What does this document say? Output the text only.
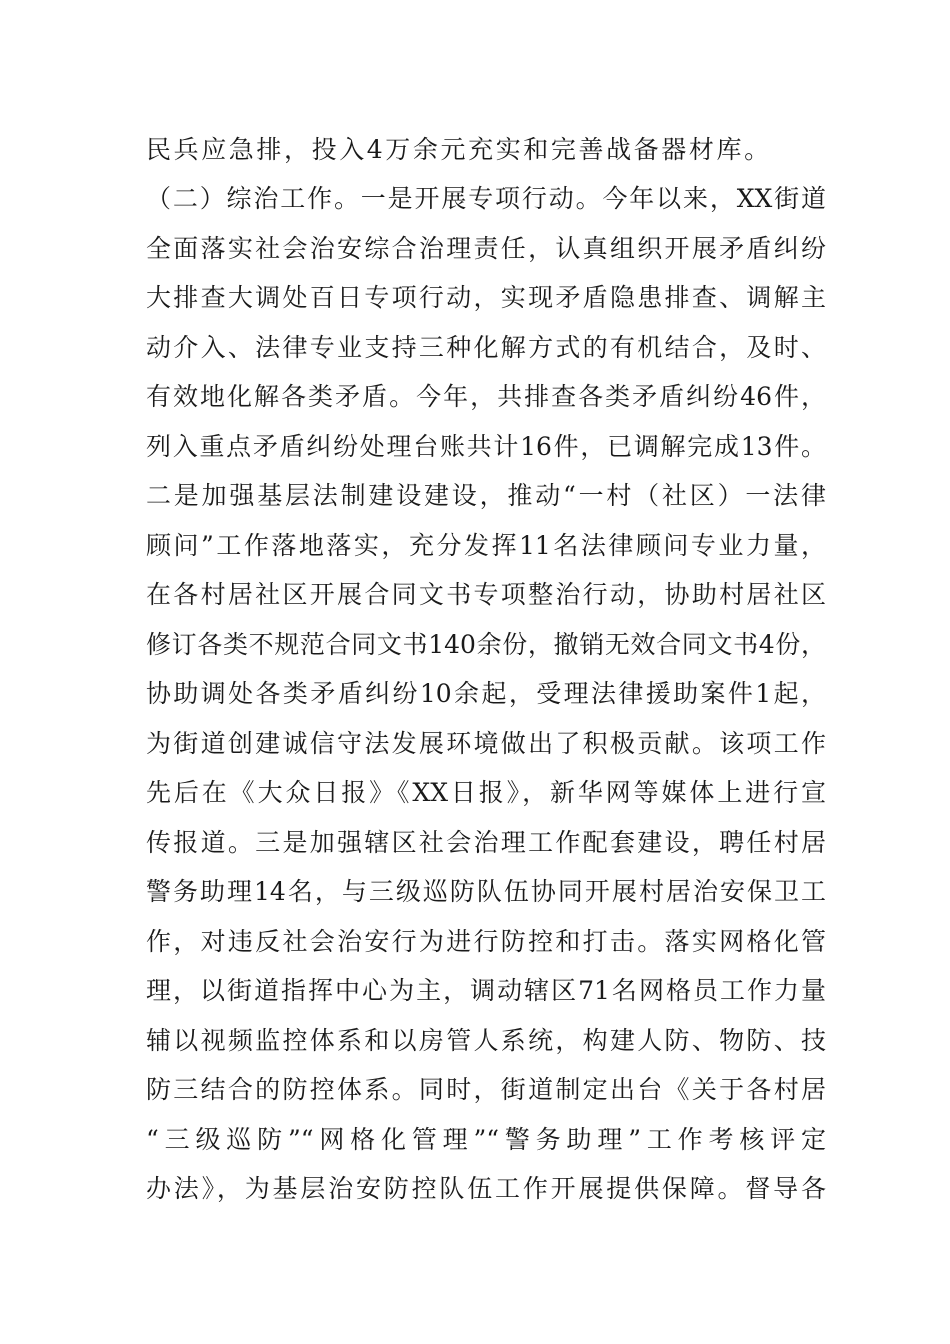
民兵应急排，投入4万余元充实和完善战备器材库。
（二）综治工作。一是开展专项行动。今年以来，XX街道
全面落实社会治安综合治理责任，认真组织开展矛盾纠纷
大排查大调处百日专项行动，实现矛盾隐患排查、调解主
动介入、法律专业支持三种化解方式的有机结合，及时、
有效地化解各类矛盾。今年，共排查各类矛盾纠纷46件，
列入重点矛盾纠纷处理台账共计16件，已调解完成13件。
二是加强基层法制建设建设，推动“一村（社区）一法律
顾问”工作落地落实，充分发挥11名法律顾问专业力量，
在各村居社区开展合同文书专项整治行动，协助村居社区
修订各类不规范合同文书140余份，撤销无效合同文书4份，
协助调处各类矛盾纠纷10余起，受理法律援助案件1起，
为街道创建诚信守法发展环境做出了积极贡献。该项工作
先后在《大众日报》《XX日报》，新华网等媒体上进行宣
传报道。三是加强辖区社会治理工作配套建设，聘任村居
警务助理14名，与三级巡防队伍协同开展村居治安保卫工
作，对违反社会治安行为进行防控和打击。落实网格化管
理，以街道指挥中心为主，调动辖区71名网格员工作力量
辅以视频监控体系和以房管人系统，构建人防、物防、技
防三结合的防控体系。同时，街道制定出台《关于各村居
“三级巡防”“网格化管理”“警务助理”工作考核评定
办法》，为基层治安防控队伍工作开展提供保障。督导各
